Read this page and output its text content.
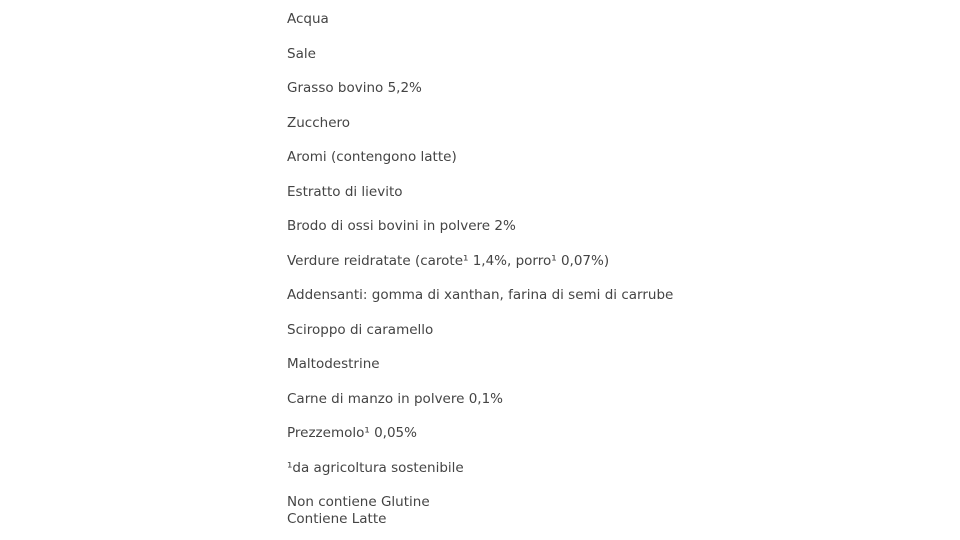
Acqua
Sale
Grasso bovino 5,2%
Zucchero
Aromi (contengono latte)
Estratto di lievito
Brodo di ossi bovini in polvere 2%
Verdure reidratate (carote¹ 1,4%, porro¹ 0,07%)
Addensanti: gomma di xanthan, farina di semi di carrube
Sciroppo di caramello
Maltodestrine
Carne di manzo in polvere 0,1%
Prezzemolo¹ 0,05%
¹da agricoltura sostenibile
Non contiene Glutine
Contiene Latte
